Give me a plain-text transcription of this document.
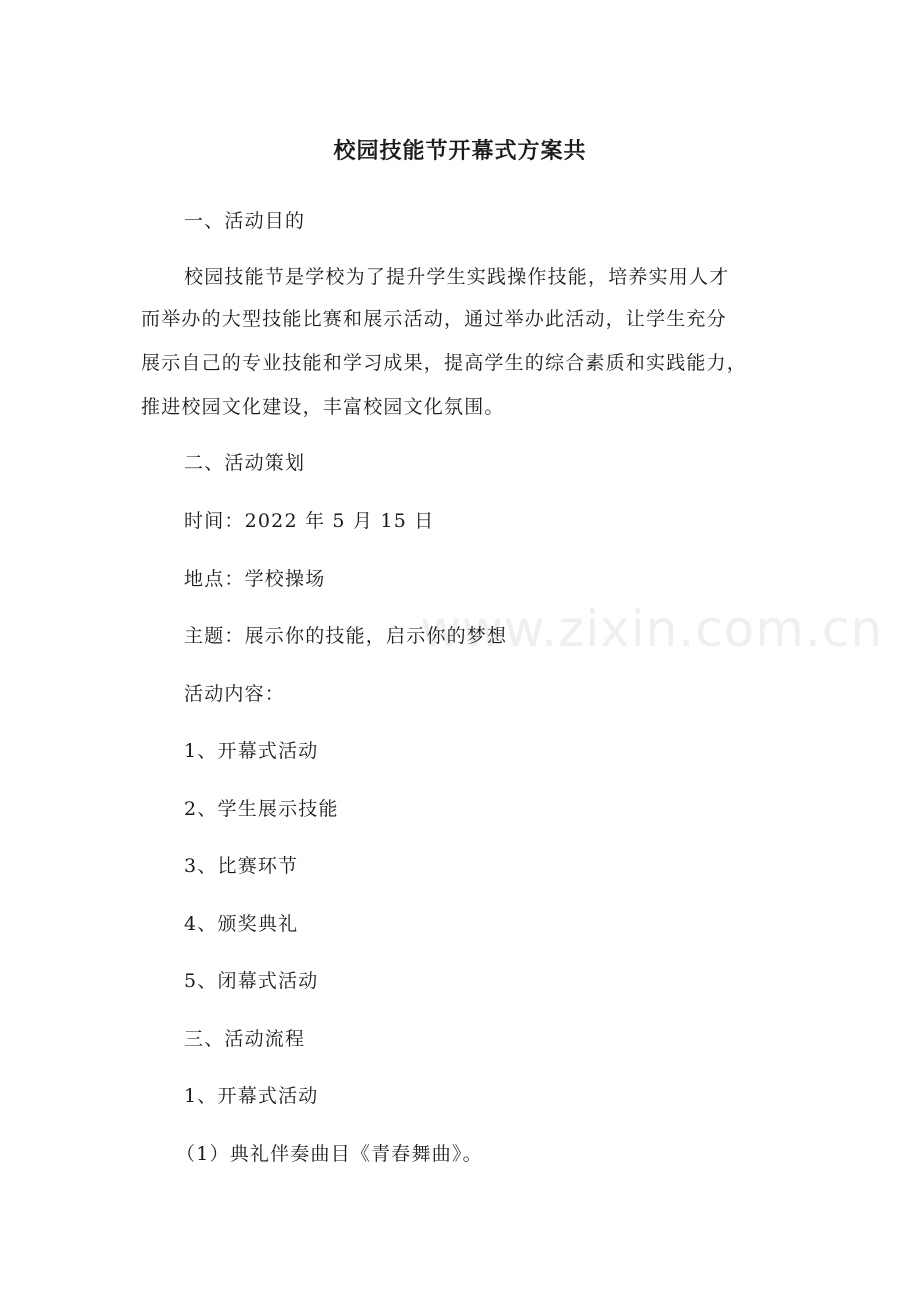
www.zixin.com.cn
校园技能节开幕式方案共
一、活动目的
校园技能节是学校为了提升学生实践操作技能，培养实用人才
而举办的大型技能比赛和展示活动，通过举办此活动，让学生充分
展示自己的专业技能和学习成果，提高学生的综合素质和实践能力，
推进校园文化建设，丰富校园文化氛围。
二、活动策划
时间：2022 年 5 月 15 日
地点：学校操场
主题：展示你的技能，启示你的梦想
活动内容：
1、开幕式活动
2、学生展示技能
3、比赛环节
4、颁奖典礼
5、闭幕式活动
三、活动流程
1、开幕式活动
（1）典礼伴奏曲目《青春舞曲》。
